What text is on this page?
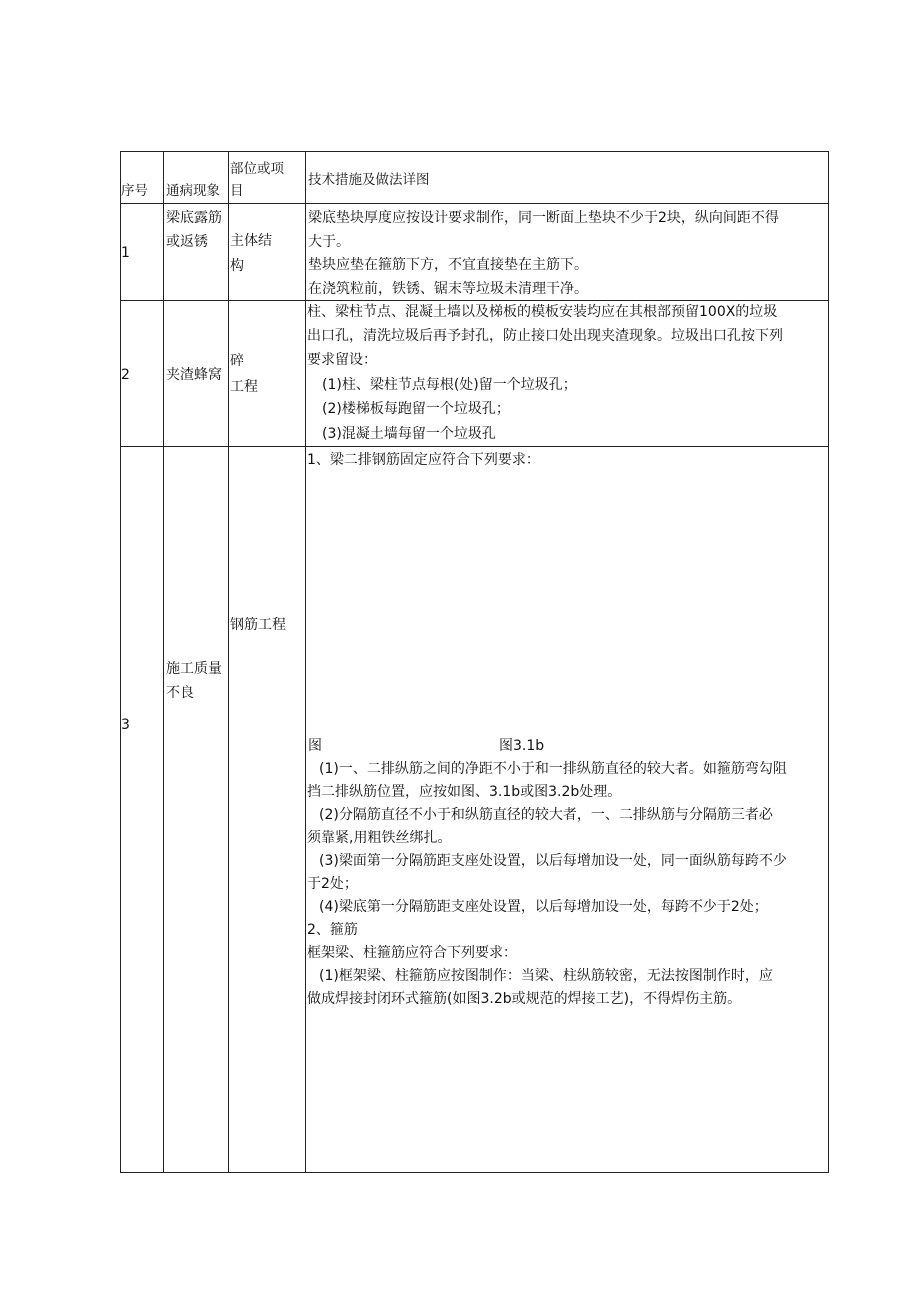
序号 通病现象
部位或项
目
技术措施及做法详图
1
梁底露筋
或返锈 主体结
构
梁底垫块厚度应按设计要求制作，同一断面上垫块不少于2块，纵向间距不得
大于。
垫块应垫在箍筋下方，不宜直接垫在主筋下。
在浇筑粒前，铁锈、锯末等垃圾未清理干净。
2	夹渣蜂窝
碎
工程
柱、梁柱节点、混凝土墙以及梯板的模板安装均应在其根部预留100X的垃圾
出口孔，清洗垃圾后再予封孔，防止接口处出现夹渣现象。垃圾出口孔按下列
要求留设：
(1)柱、梁柱节点每根(处)留一个垃圾孔；
(2)楼梯板每跑留一个垃圾孔；
(3)混凝土墙每留一个垃圾孔
3
施工质量
不良
钢筋工程
1、梁二排钢筋固定应符合下列要求：
图	图3.1b
(1)一、二排纵筋之间的净距不小于和一排纵筋直径的较大者。如箍筋弯勾阻
挡二排纵筋位置，应按如图、3.1b或图3.2b处理。
(2)分隔筋直径不小于和纵筋直径的较大者，一、二排纵筋与分隔筋三者必
须靠紧,用粗铁丝绑扎。
(3)梁面第一分隔筋距支座处设置，以后每增加设一处，同一面纵筋每跨不少
于2处；
(4)梁底第一分隔筋距支座处设置，以后每增加设一处，每跨不少于2处；
2、箍筋
框架梁、柱箍筋应符合下列要求：
(1)框架梁、柱箍筋应按图制作：当梁、柱纵筋较密，无法按图制作时，应
做成焊接封闭环式箍筋(如图3.2b或规范的焊接工艺)，不得焊伤主筋。
